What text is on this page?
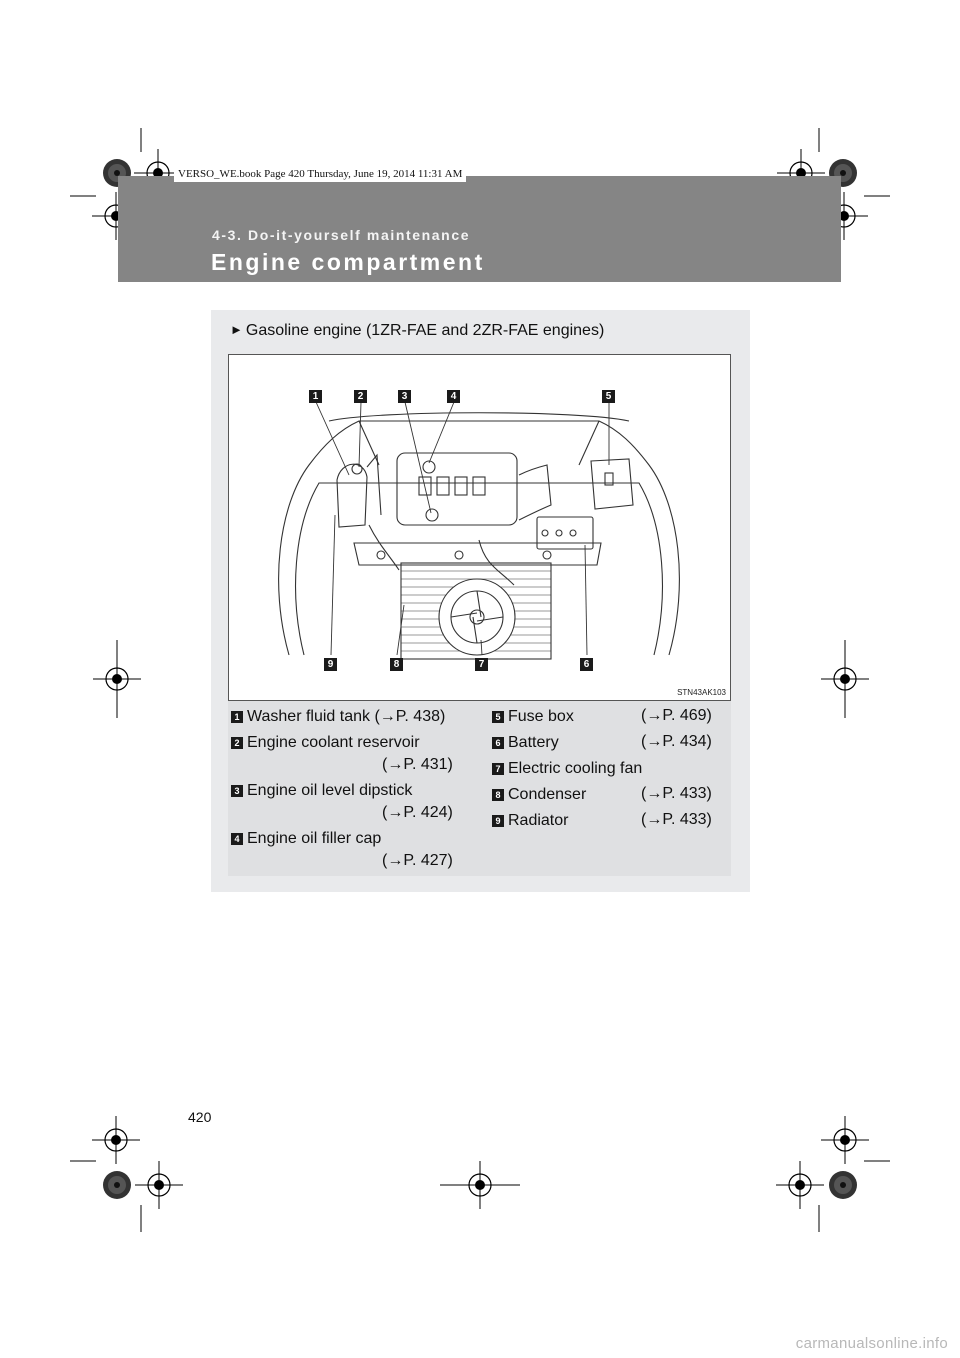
VERSO_WE.book Page 420 Thursday, June 19, 2014 11:31 AM
4-3. Do-it-yourself maintenance
Engine compartment
► Gasoline engine (1ZR-FAE and 2ZR-FAE engines)
1	2	3	4	5
9	8	7	6
STN43AK103
1 Washer fluid tank (→P. 438)
2 Engine coolant reservoir
(→P. 431)
3 Engine oil level dipstick
(→P. 424)
4 Engine oil filler cap
(→P. 427)
5 Fuse box	(→P. 469)
6 Battery	(→P. 434)
7 Electric cooling fan
8 Condenser	(→P. 433)
9 Radiator	(→P. 433)
420
carmanualsonline.info
